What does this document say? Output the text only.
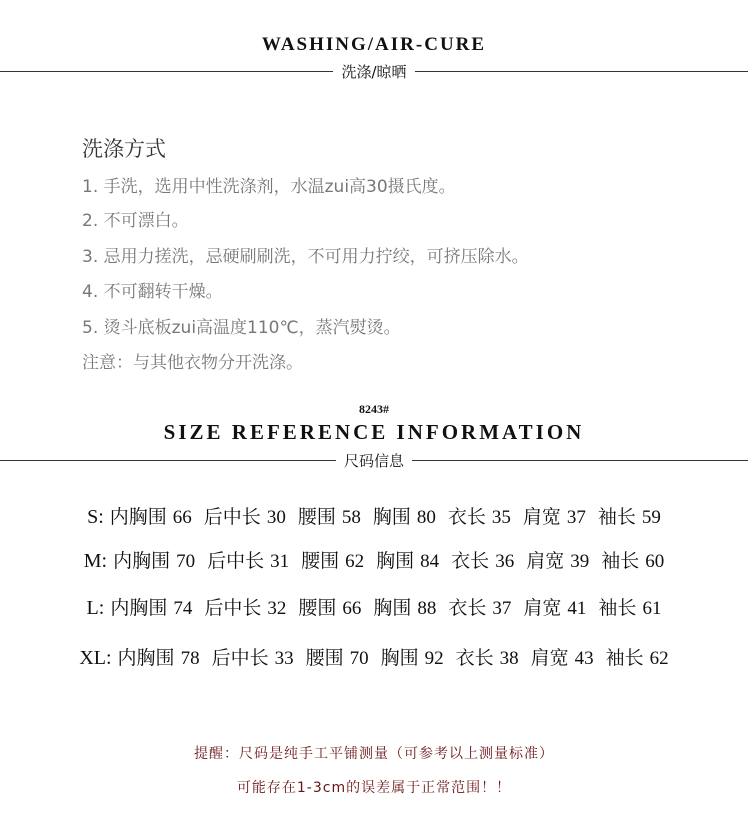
WASHING/AIR-CURE
洗涤/晾晒
洗涤方式
1. 手洗，选用中性洗涤剂，水温zui高30摄氏度。
2. 不可漂白。
3. 忌用力搓洗，忌硬刷刷洗，不可用力拧绞，可挤压除水。
4. 不可翻转干燥。
5. 烫斗底板zui高温度110℃，蒸汽熨烫。
注意：与其他衣物分开洗涤。
8243#
SIZE REFERENCE INFORMATION
尺码信息
S: 内胸围 66 后中长 30 腰围 58 胸围 80 衣长 35 肩宽 37 袖长 59
M: 内胸围 70 后中长 31 腰围 62 胸围 84 衣长 36 肩宽 39 袖长 60
L: 内胸围 74 后中长 32 腰围 66 胸围 88 衣长 37 肩宽 41 袖长 61
XL: 内胸围 78 后中长 33 腰围 70 胸围 92 衣长 38 肩宽 43 袖长 62
提醒：尺码是纯手工平铺测量（可参考以上测量标准）
可能存在1-3cm的误差属于正常范围！！
